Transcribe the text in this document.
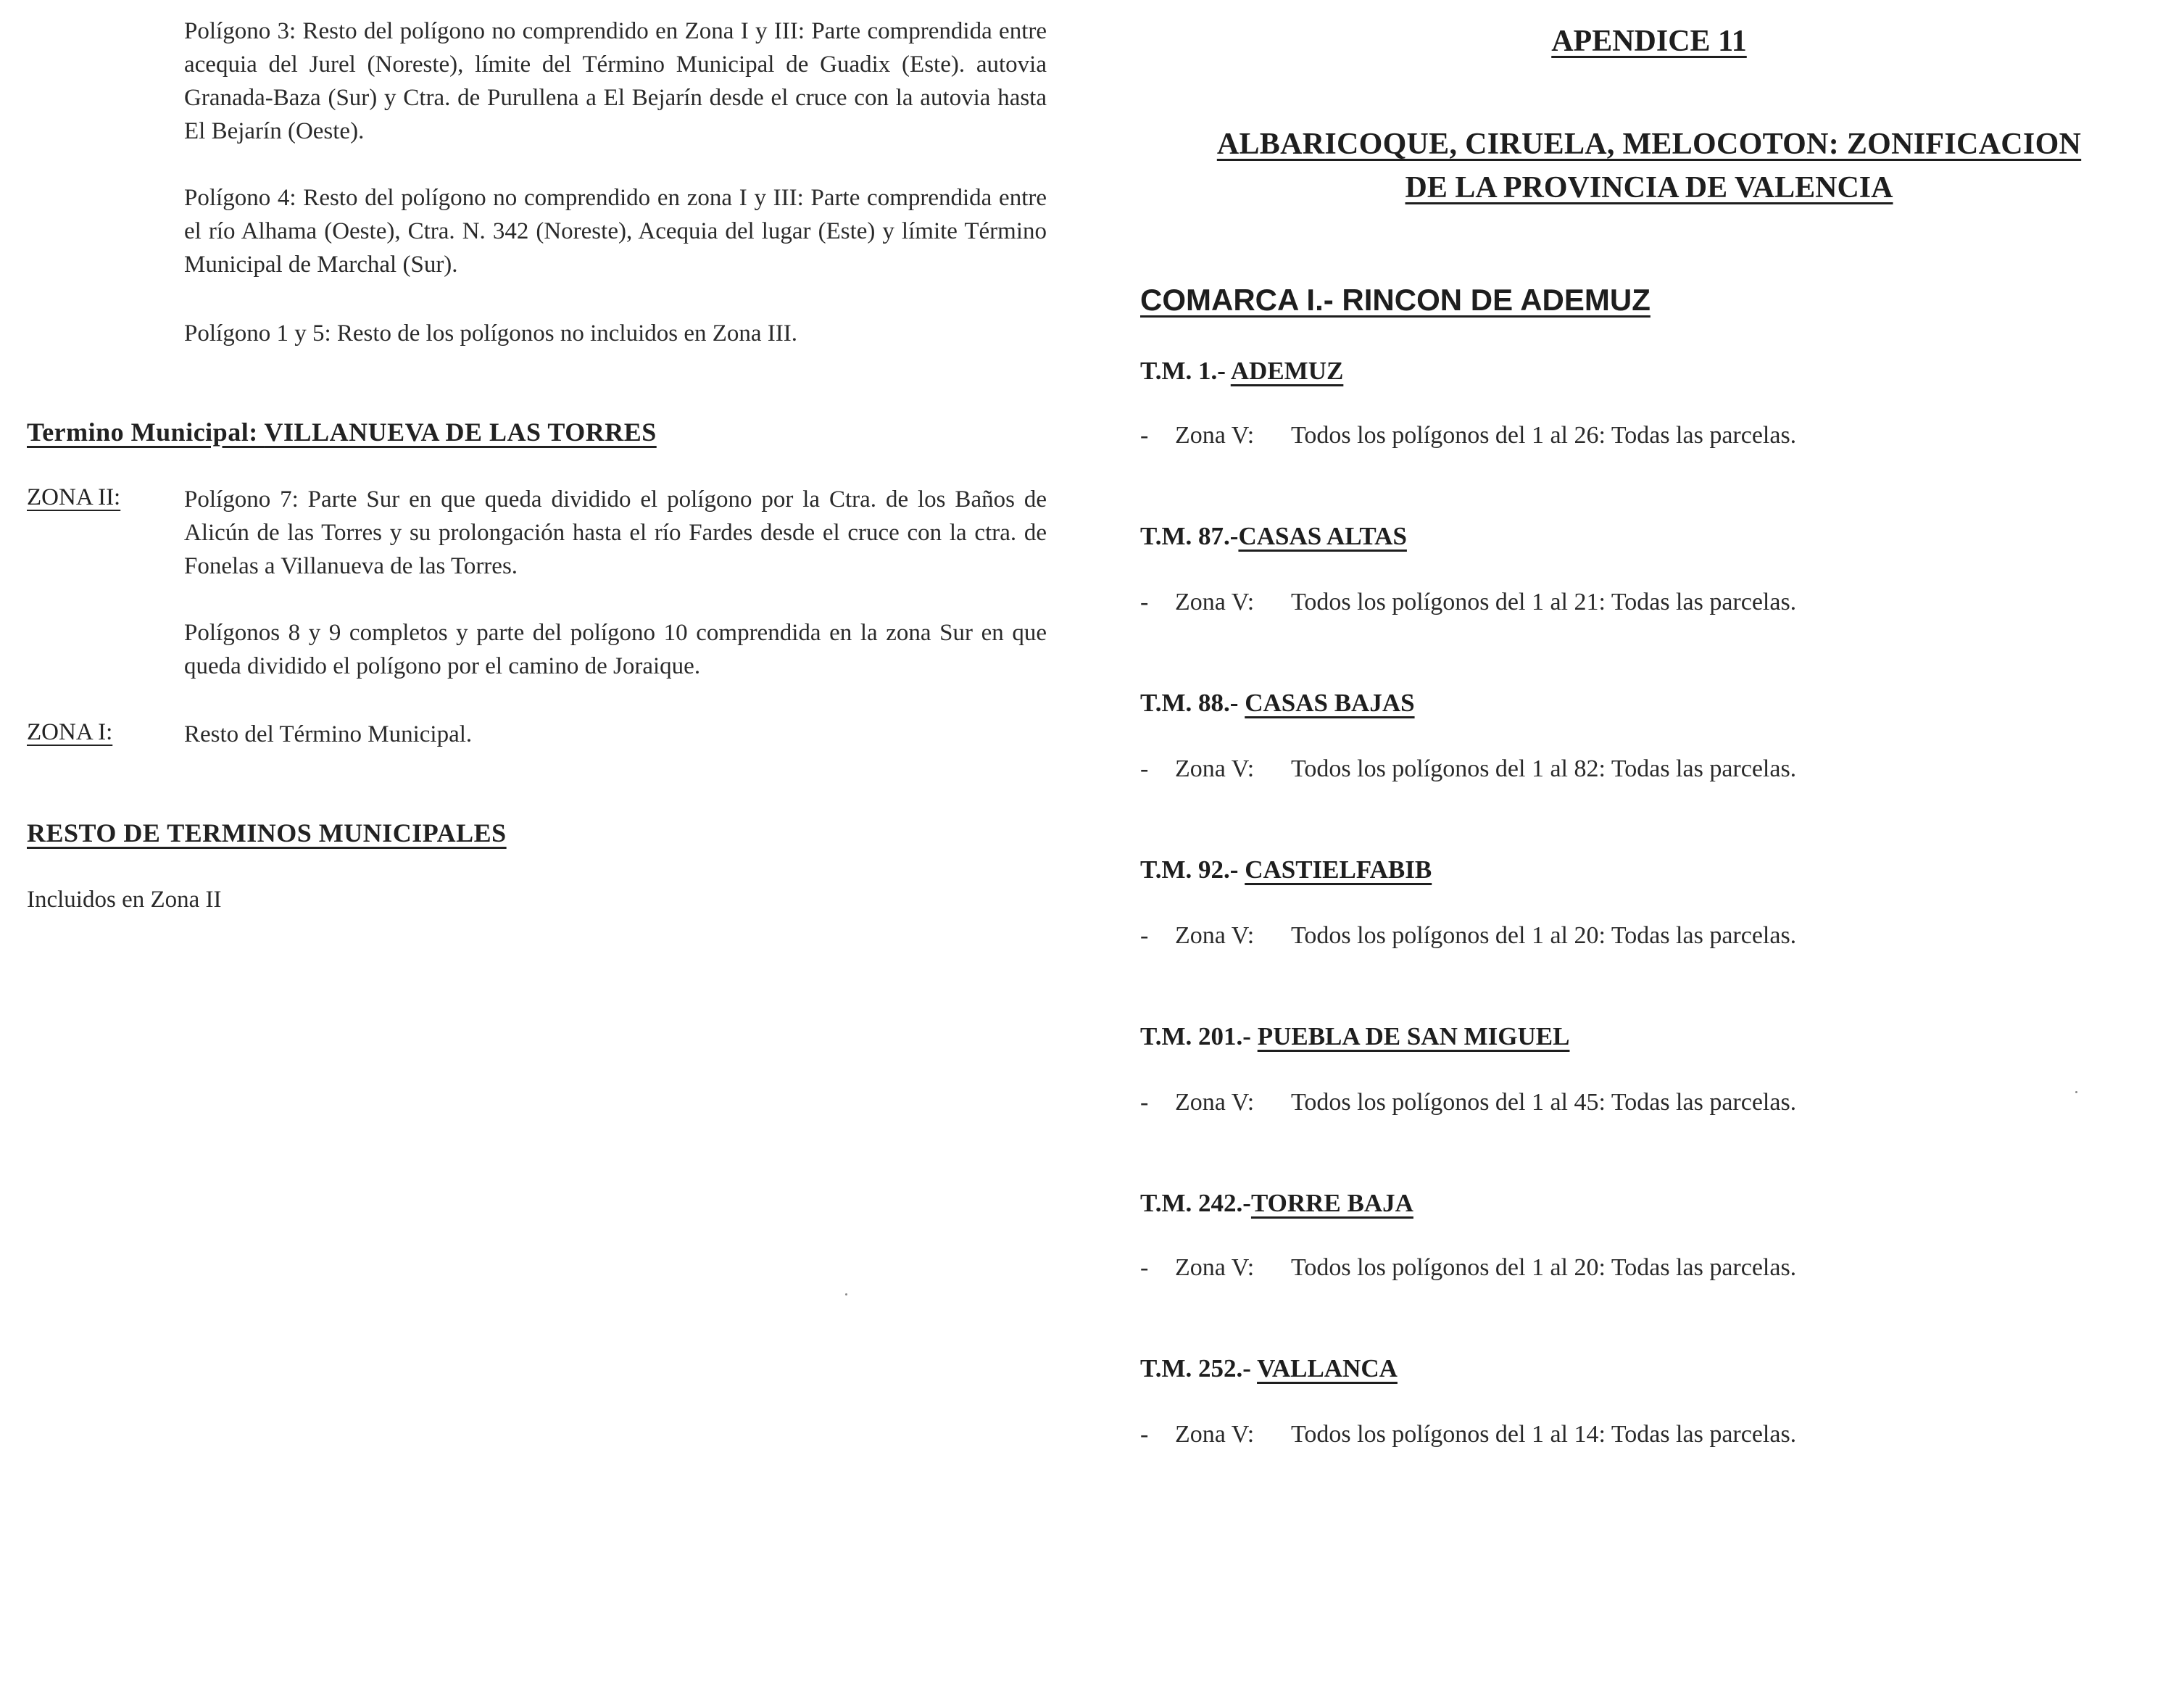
Polígono 3: Resto del polígono no comprendido en Zona I y III: Parte comprendida entre acequia del Jurel (Noreste), límite del Término Municipal de Guadix (Este). autovia Granada-Baza (Sur) y Ctra. de Purullena a El Bejarín desde el cruce con la autovia hasta El Bejarín (Oeste).

Polígono 4: Resto del polígono no comprendido en zona I y III: Parte comprendida entre el río Alhama (Oeste), Ctra. N. 342 (Noreste), Acequia del lugar (Este) y límite Término Municipal de Marchal (Sur).

Polígono 1 y 5: Resto de los polígonos no incluidos en Zona III.

Termino Municipal: VILLANUEVA DE LAS TORRES
ZONA II:	Polígono 7: Parte Sur en que queda dividido el polígono por la Ctra. de los Baños de Alicún de las Torres y su prolongación hasta el río Fardes desde el cruce con la ctra. de Fonelas a Villanueva de las Torres.

Polígonos 8 y 9 completos y parte del polígono 10 comprendida en la zona Sur en que queda dividido el polígono por el camino de Joraique.

ZONA I:	Resto del Término Municipal.

RESTO DE TERMINOS MUNICIPALES
Incluidos en Zona II
APENDICE 11
ALBARICOQUE, CIRUELA, MELOCOTON: ZONIFICACION
DE LA PROVINCIA DE VALENCIA
COMARCA I.- RINCON DE ADEMUZ
T.M. 1.- ADEMUZ
- Zona V: Todos los polígonos del 1 al 26: Todas las parcelas.
T.M. 87.-CASAS ALTAS
- Zona V: Todos los polígonos del 1 al 21: Todas las parcelas.
T.M. 88.- CASAS BAJAS
- Zona V: Todos los polígonos del 1 al 82: Todas las parcelas.
T.M. 92.- CASTIELFABIB
- Zona V: Todos los polígonos del 1 al 20: Todas las parcelas.
T.M. 201.- PUEBLA DE SAN MIGUEL
- Zona V: Todos los polígonos del 1 al 45: Todas las parcelas.
T.M. 242.-TORRE BAJA
- Zona V: Todos los polígonos del 1 al 20: Todas las parcelas.
T.M. 252.- VALLANCA
- Zona V: Todos los polígonos del 1 al 14: Todas las parcelas.
